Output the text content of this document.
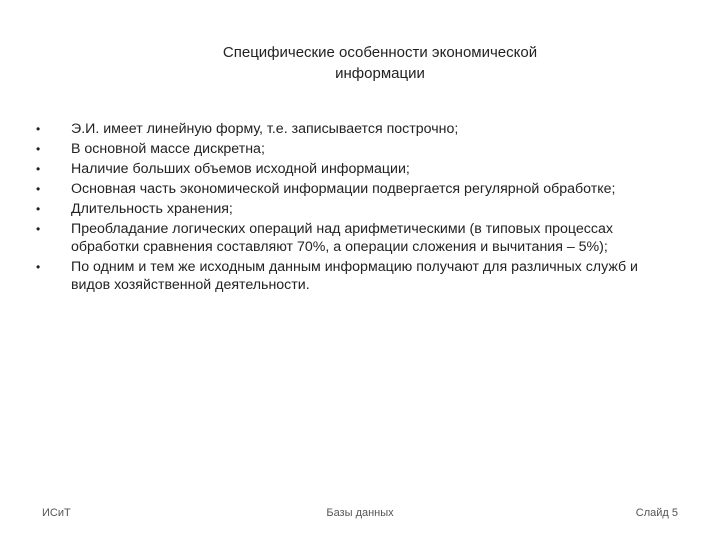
Специфические особенности экономической
информации
•	Э.И. имеет линейную форму, т.е. записывается построчно;
•	В основной массе дискретна;
•	Наличие больших объемов исходной информации;
•	Основная часть экономической информации подвергается регулярной обработке;
•	Длительность хранения;
•	Преобладание логических операций над арифметическими (в типовых процессах обработки сравнения составляют 70%, а операции сложения и вычитания – 5%);
•	По одним и тем же исходным данным информацию получают для различных служб и видов хозяйственной деятельности.
ИСиТ	Базы данных	Слайд 5
